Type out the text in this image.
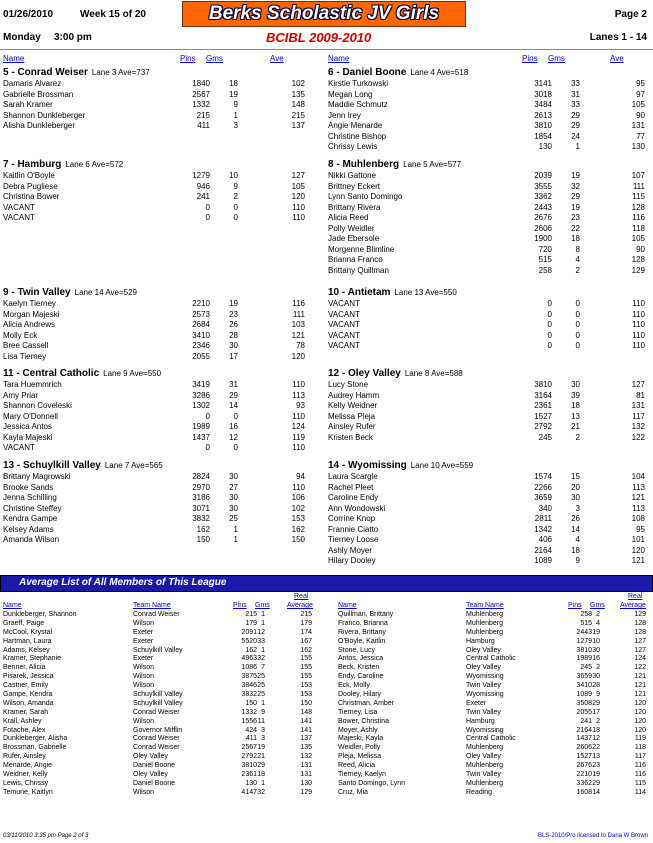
01/26/2010	Week 15 of 20	Berks Scholastic JV Girls	Page 2
Monday 3:00 pm	BCIBL 2009-2010	Lanes 1 - 14
Name	Pins Gms	Ave	Name	Pins Gms	Ave
5 - Conrad Weiser Lane 3 Ave=737
Damaris Alvarez	1840	18	102
Gabrielle Brossman	2567	19	135
Sarah Kramer	1332	9	148
Shannon Dunkleberger	215	1	215
Alisha Dunkleberger	411	3	137
6 - Daniel Boone Lane 4 Ave=518
Kirstie Turkowski	3141	33	95
Megan Long	3018	31	97
Maddie Schmutz	3484	33	105
Jenn Irey	2613	29	90
Angie Menarde	3810	29	131
Christine Bishop	1854	24	77
Chrissy Lewis	130	1	130
7 - Hamburg Lane 6 Ave=572
Kaitlin O'Boyle	1279	10	127
Debra Pugliese	946	9	105
Christina Bower	241	2	120
VACANT	0	0	110
VACANT	0	0	110
8 - Muhlenberg Lane 5 Ave=577
Nikki Gattone	2039	19	107
Brittney Eckert	3555	32	111
Lynn Santo Domingo	3362	29	115
Brittany Rivera	2443	19	128
Alicia Reed	2676	23	116
Polly Weidler	2606	22	118
Jade Ebersole	1900	18	105
Morgenne Blimline	720	8	90
Brianna Franco	515	4	128
Brittany Quillman	258	2	129
9 - Twin Valley Lane 14 Ave=529
Kaelyn Tierney	2210	19	116
Morgan Majeski	2573	23	111
Alicia Andrews	2684	26	103
Molly Eck	3410	28	121
Bree Cassell	2346	30	78
Lisa Tierney	2055	17	120
10 - Antietam Lane 13 Ave=550
VACANT	0	0	110
VACANT	0	0	110
VACANT	0	0	110
VACANT	0	0	110
VACANT	0	0	110
11 - Central Catholic Lane 9 Ave=550
Tara Huemmrich	3419	31	110
Amy Priar	3286	29	113
Shannon Coveleski	1302	14	93
Mary O'Donnell	0	0	110
Jessica Antos	1989	16	124
Kayla Majeski	1437	12	119
VACANT	0	0	110
12 - Oley Valley Lane 8 Ave=588
Lucy Stone	3810	30	127
Audrey Hamm	3164	39	81
Kelly Weidner	2361	18	131
Melissa Pleja	1527	13	117
Ainsley Rufer	2792	21	132
Kristen Beck	245	2	122
13 - Schuylkill Valley Lane 7 Ave=565
Brittany Magrowski	2824	30	94
Brooke Sands	2970	27	110
Jenna Schilling	3186	30	106
Christine Steffey	3071	30	102
Kendra Gampe	3832	25	153
Kelsey Adams	162	1	162
Amanda Wilson	150	1	150
14 - Wyomissing Lane 10 Ave=559
Laura Scargle	1574	15	104
Rachel Pleet	2266	20	113
Caroline Endy	3659	30	121
Ann Wondowski	340	3	113
Corrine Knop	2811	26	108
Frannie Ciatto	1342	14	95
Tierney Loose	406	4	101
Ashly Moyer	2164	18	120
Hilary Dooley	1089	9	121
Average List of All Members of This League
Name	Team Name	Pins Gms
Real
Average
Dunkleberger, Shannon	Conrad Weiser	215 1	215
Graeff, Paige	Wilson	179 1	179
McCool, Krystal	Exeter	2091 12	174
Hartman, Laura	Exeter	5520 33	167
Adams, Kelsey	Schuylkill Valley	162 1	162
Kramer, Stephanie	Exeter	4963 32	155
Benner, Alicia	Wilson	1086 7	155
Pisarek, Jessica	Wilson	3875 25	155
Castner, Emily	Wilson	3846 25	153
Gampe, Kendra	Schuylkill Valley	3832 25	153
Wilson, Amanda	Schuylkill Valley	150 1	150
Kramer, Sarah	Conrad Weiser	1332 9	148
Krall, Ashley	Wilson	1556 11	141
Fotache, Alex	Governor Mifflin	424 3	141
Dunkleberger, Alisha	Conrad Weiser	411 3	137
Brossman, Gabrielle	Conrad Weiser	2567 19	135
Rufer, Ainsley	Oley Valley	2792 21	132
Menarde, Angie	Daniel Boone	3810 29	131
Weidner, Kelly	Oley Valley	2361 18	131
Lewis, Chrissy	Daniel Boone	130 1	130
Temune, Kaitlyn	Wilson	4147 32	129
Name	Team Name	Pins Gms
Real
Average
Quillman, Brittany	Muhlenberg	258 2	129
Franco, Brianna	Muhlenberg	515 4	128
Rivera, Brittany	Muhlenberg	2443 19	128
O'Boyle, Kaitlin	Hamburg	1279 10	127
Stone, Lucy	Oley Valley	3810 30	127
Antos, Jessica	Central Catholic	1989 16	124
Beck, Kristen	Oley Valley	245 2	122
Endy, Caroline	Wyomissing	3659 30	121
Eck, Molly	Twin Valley	3410 28	121
Dooley, Hilary	Wyomissing	1089 9	121
Christman, Amber	Exeter	3508 29	120
Tierney, Lisa	Twin Valley	2055 17	120
Bower, Christina	Hamburg	241 2	120
Moyer, Ashly	Wyomissing	2164 18	120
Majeski, Kayla	Central Catholic	1437 12	119
Weidler, Polly	Muhlenberg	2606 22	118
Pleja, Melissa	Oley Valley	1527 13	117
Reed, Alicia	Muhlenberg	2676 23	116
Tierney, Kaelyn	Twin Valley	2210 19	116
Santo Domingo, Lynn	Muhlenberg	3362 29	115
Cruz, Mia	Reading	1608 14	114
03/11/2010 3:35 pm Page 2 of 3	BLS-2010/Pro licensed to Dana W Brown
